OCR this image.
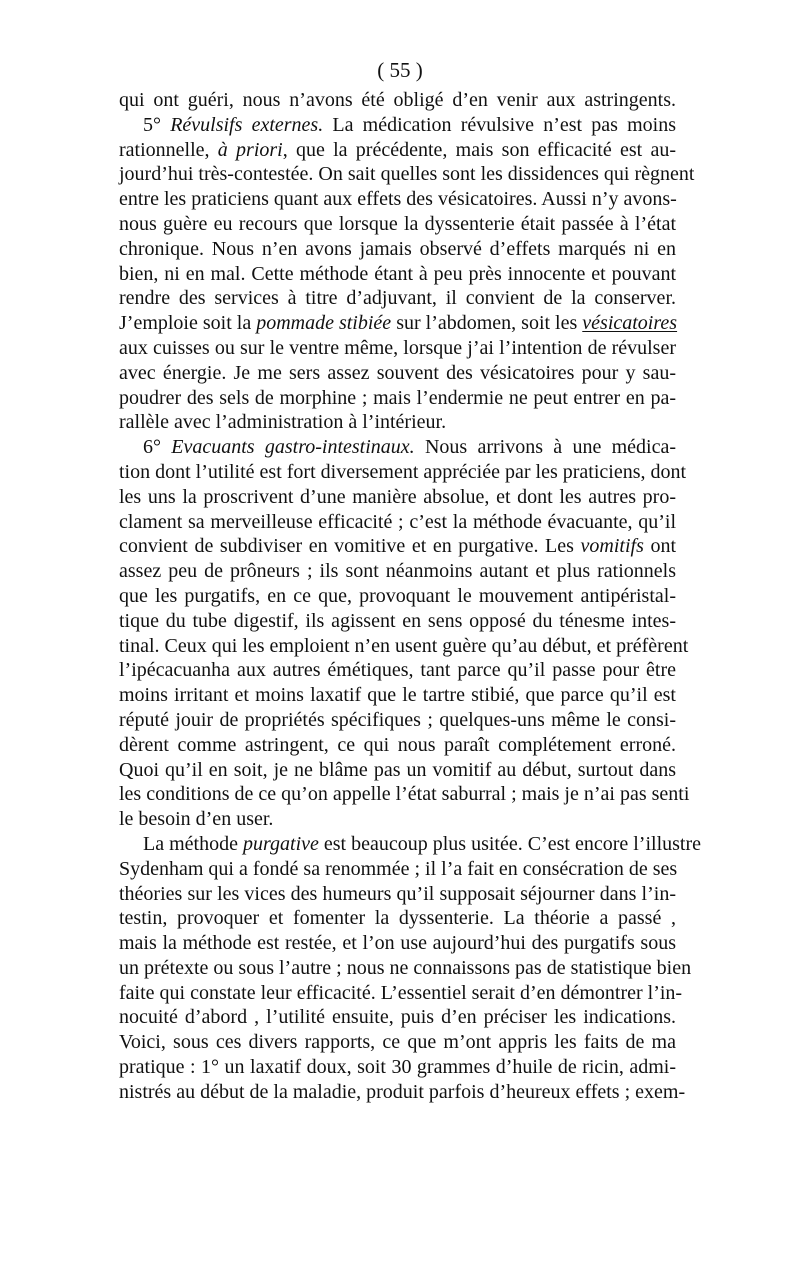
( 55 )
qui ont guéri, nous n’avons été obligé d’en venir aux astringents.
5° Révulsifs externes. La médication révulsive n’est pas moins
rationnelle, à priori, que la précédente, mais son efficacité est au-
jourd’hui très-contestée. On sait quelles sont les dissidences qui règnent
entre les praticiens quant aux effets des vésicatoires. Aussi n’y avons-
nous guère eu recours que lorsque la dyssenterie était passée à l’état
chronique. Nous n’en avons jamais observé d’effets marqués ni en
bien, ni en mal. Cette méthode étant à peu près innocente et pouvant
rendre des services à titre d’adjuvant, il convient de la conserver.
J’emploie soit la pommade stibiée sur l’abdomen, soit les vésicatoires
aux cuisses ou sur le ventre même, lorsque j’ai l’intention de révulser
avec énergie. Je me sers assez souvent des vésicatoires pour y sau-
poudrer des sels de morphine ; mais l’endermie ne peut entrer en pa-
rallèle avec l’administration à l’intérieur.
6° Evacuants gastro-intestinaux. Nous arrivons à une médica-
tion dont l’utilité est fort diversement appréciée par les praticiens, dont
les uns la proscrivent d’une manière absolue, et dont les autres pro-
clament sa merveilleuse efficacité ; c’est la méthode évacuante, qu’il
convient de subdiviser en vomitive et en purgative. Les vomitifs ont
assez peu de prôneurs ; ils sont néanmoins autant et plus rationnels
que les purgatifs, en ce que, provoquant le mouvement antipéristal-
tique du tube digestif, ils agissent en sens opposé du ténesme intes-
tinal. Ceux qui les emploient n’en usent guère qu’au début, et préfèrent
l’ipécacuanha aux autres émétiques, tant parce qu’il passe pour être
moins irritant et moins laxatif que le tartre stibié, que parce qu’il est
réputé jouir de propriétés spécifiques ; quelques-uns même le consi-
dèrent comme astringent, ce qui nous paraît complétement erroné.
Quoi qu’il en soit, je ne blâme pas un vomitif au début, surtout dans
les conditions de ce qu’on appelle l’état saburral ; mais je n’ai pas senti
le besoin d’en user.
La méthode purgative est beaucoup plus usitée. C’est encore l’illustre
Sydenham qui a fondé sa renommée ; il l’a fait en consécration de ses
théories sur les vices des humeurs qu’il supposait séjourner dans l’in-
testin, provoquer et fomenter la dyssenterie. La théorie a passé ,
mais la méthode est restée, et l’on use aujourd’hui des purgatifs sous
un prétexte ou sous l’autre ; nous ne connaissons pas de statistique bien
faite qui constate leur efficacité. L’essentiel serait d’en démontrer l’in-
nocuité d’abord , l’utilité ensuite, puis d’en préciser les indications.
Voici, sous ces divers rapports, ce que m’ont appris les faits de ma
pratique : 1° un laxatif doux, soit 30 grammes d’huile de ricin, admi-
nistrés au début de la maladie, produit parfois d’heureux effets ; exem-
